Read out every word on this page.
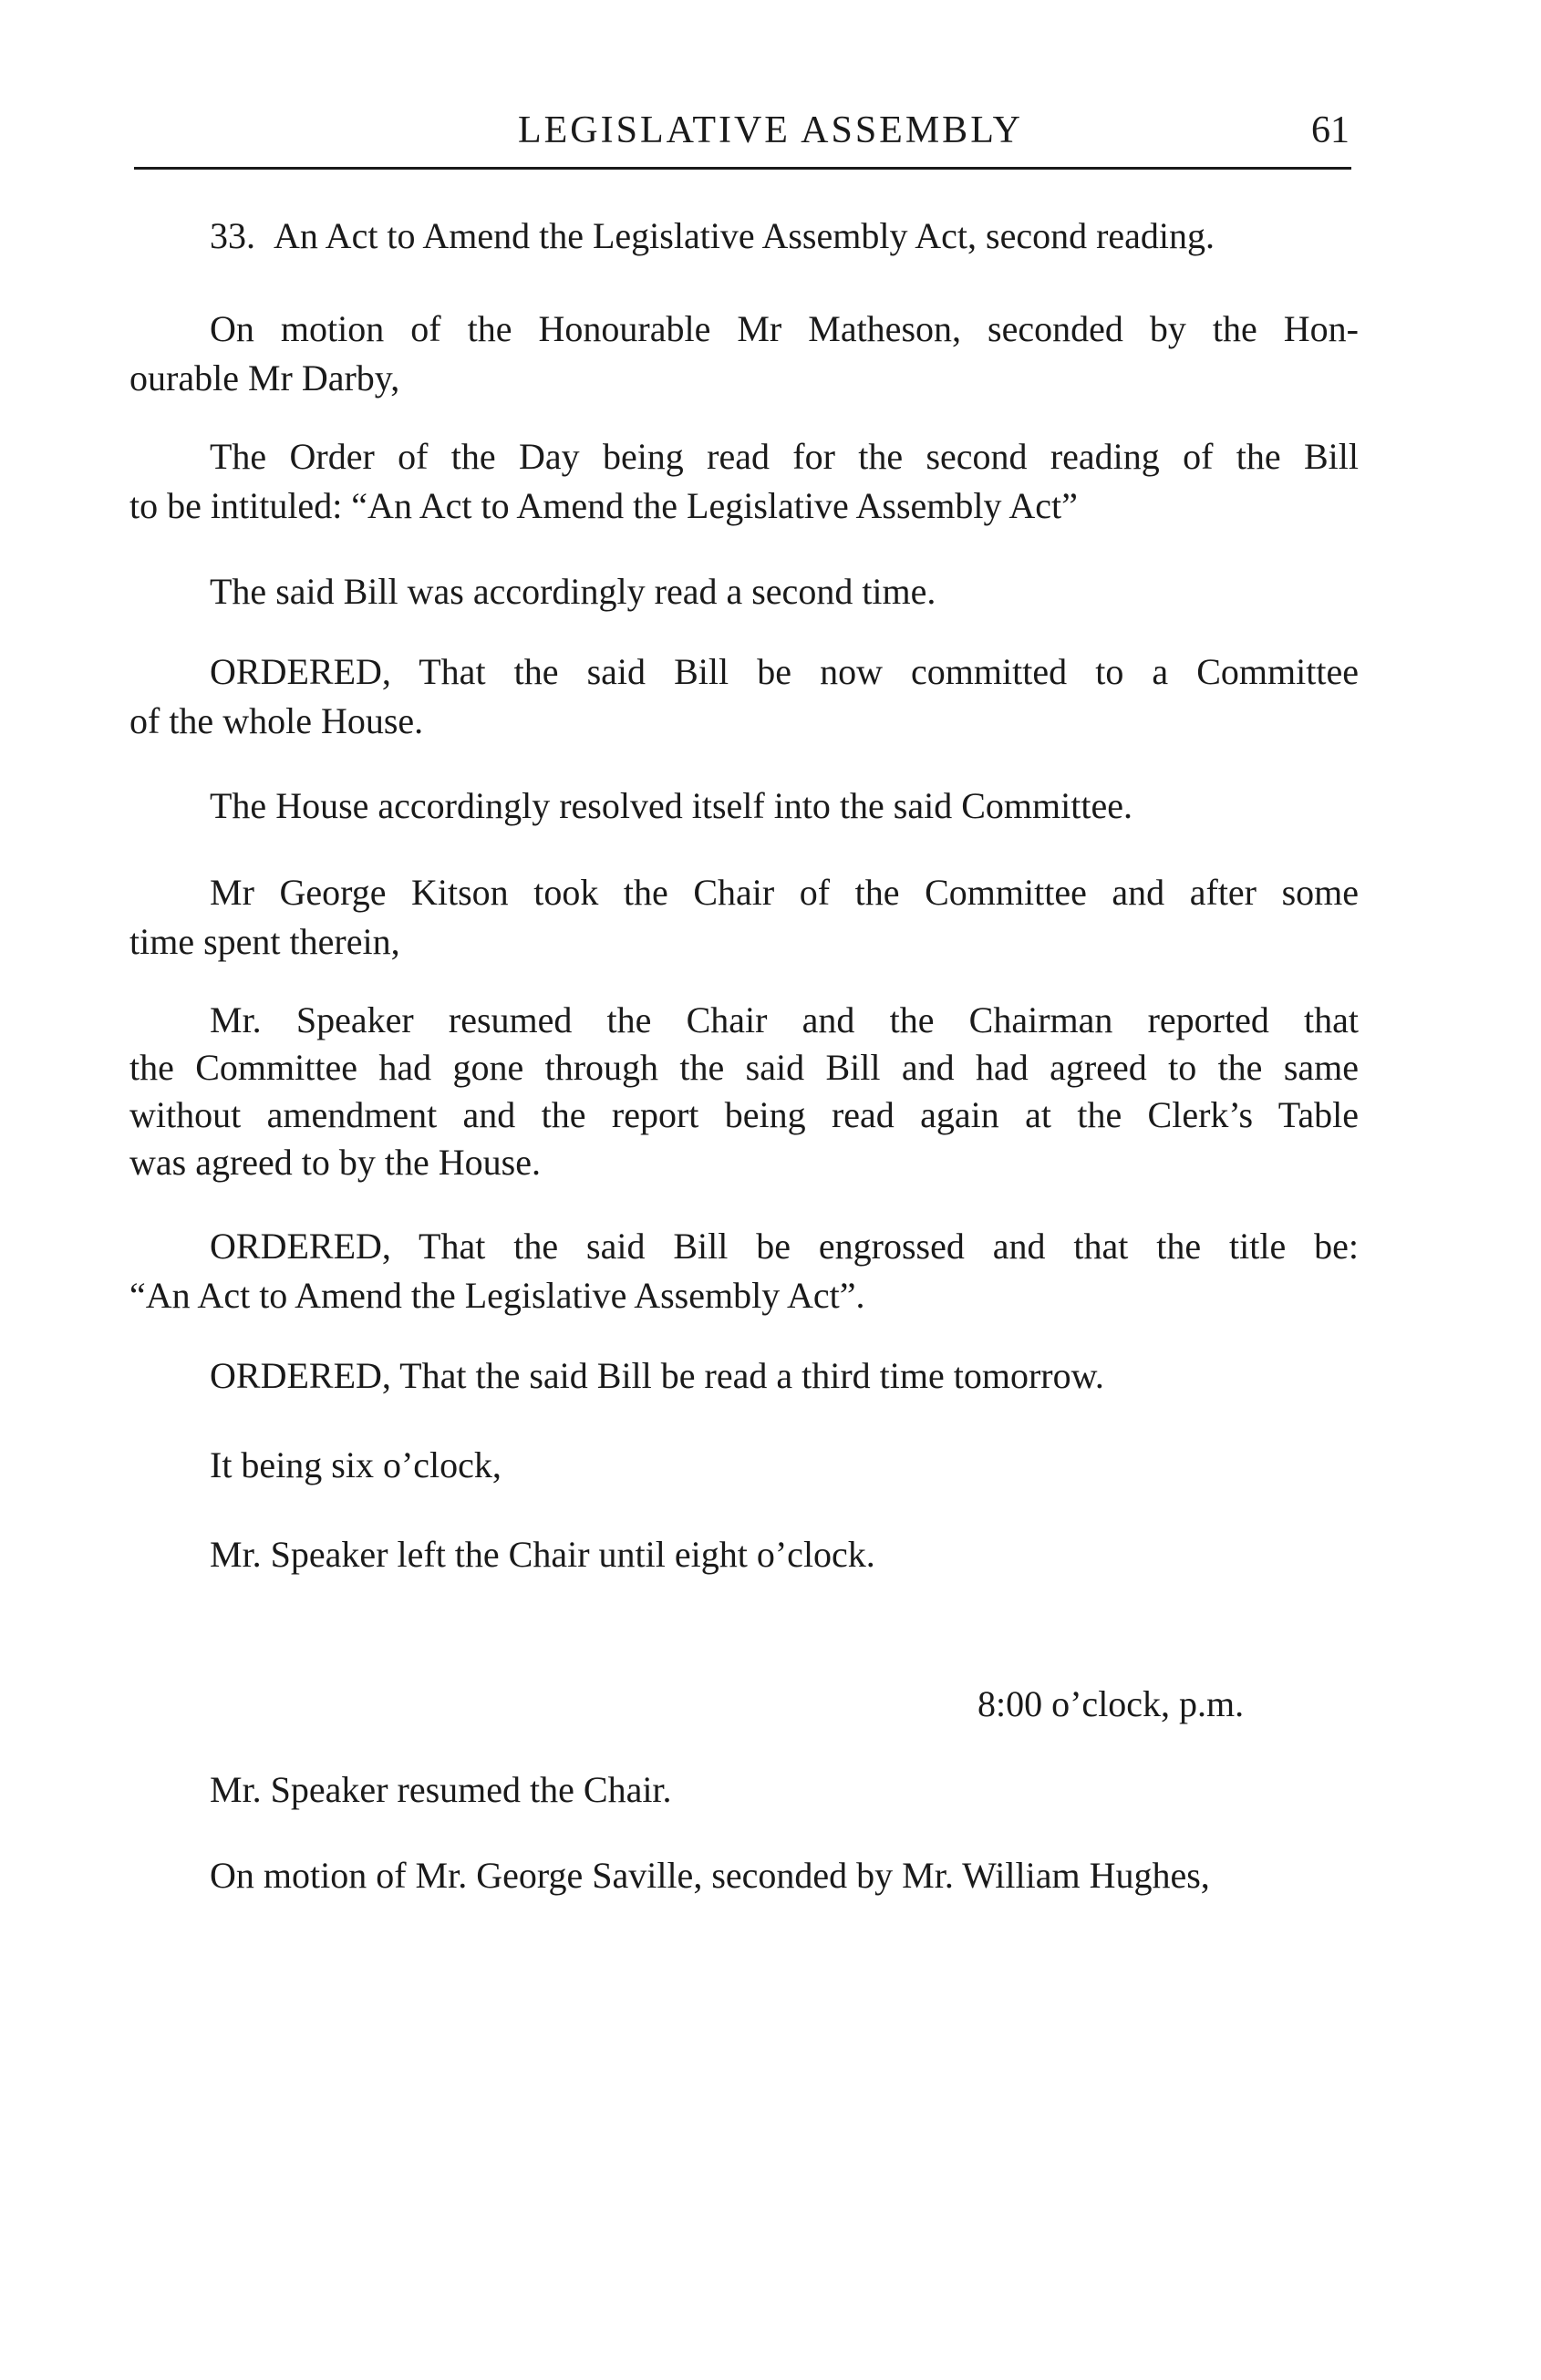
LEGISLATIVE ASSEMBLY	61

33. An Act to Amend the Legislative Assembly Act, second reading.

On motion of the Honourable Mr Matheson, seconded by the Hon-
ourable Mr Darby,

The Order of the Day being read for the second reading of the Bill
to be intituled: “An Act to Amend the Legislative Assembly Act”

The said Bill was accordingly read a second time.

ORDERED, That the said Bill be now committed to a Committee
of the whole House.

The House accordingly resolved itself into the said Committee.

Mr George Kitson took the Chair of the Committee and after some
time spent therein,

Mr. Speaker resumed the Chair and the Chairman reported that
the Committee had gone through the said Bill and had agreed to the same
without amendment and the report being read again at the Clerk’s Table
was agreed to by the House.

ORDERED, That the said Bill be engrossed and that the title be:
“An Act to Amend the Legislative Assembly Act”.

ORDERED, That the said Bill be read a third time tomorrow.

It being six o’clock,

Mr. Speaker left the Chair until eight o’clock.

8:00 o’clock, p.m.

Mr. Speaker resumed the Chair.

On motion of Mr. George Saville, seconded by Mr. William Hughes,
